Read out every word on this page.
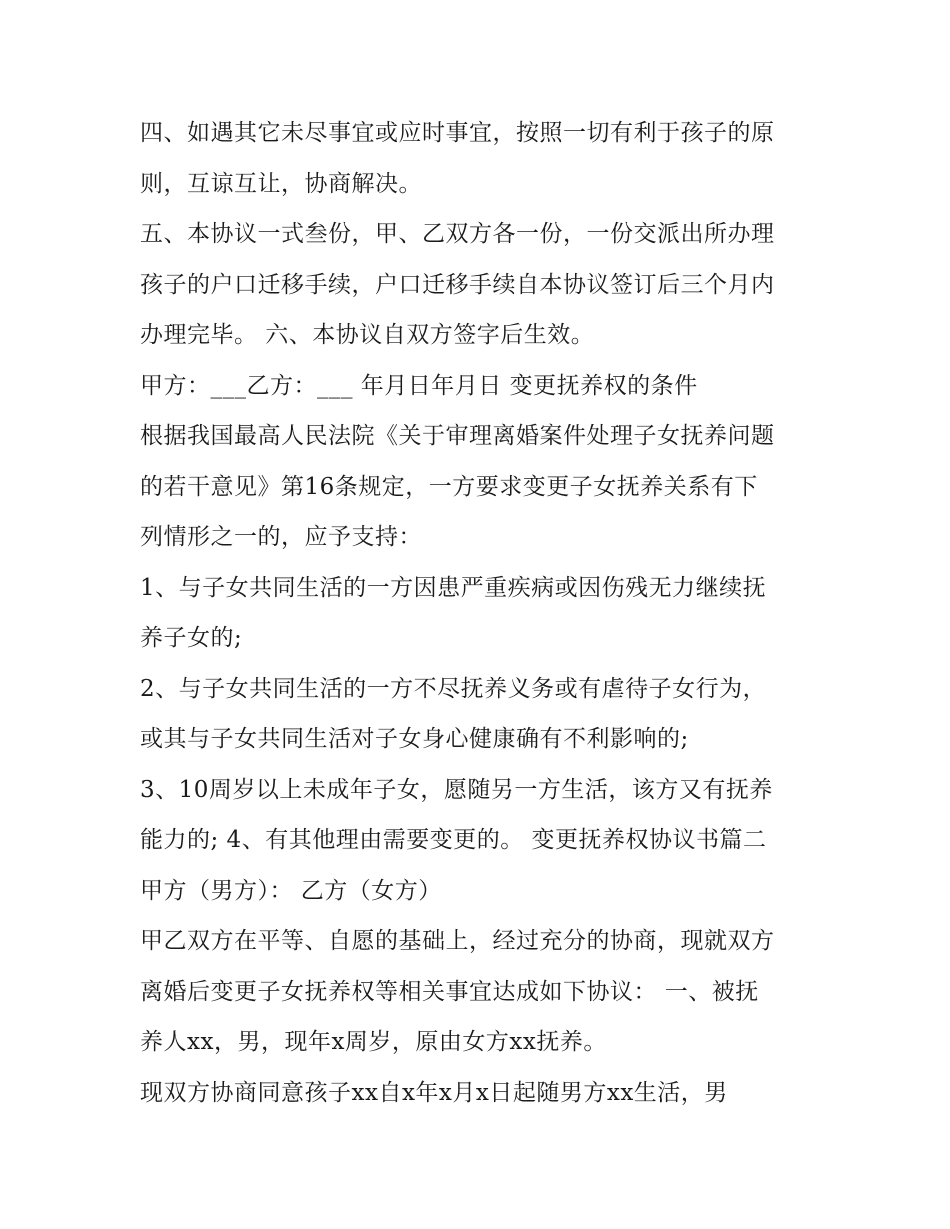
四、如遇其它未尽事宜或应时事宜，按照一切有利于孩子的原
则，互谅互让，协商解决。
五、本协议一式叁份，甲、乙双方各一份，一份交派出所办理
孩子的户口迁移手续，户口迁移手续自本协议签订后三个月内
办理完毕。 六、本协议自双方签字后生效。
甲方：___乙方：___ 年月日年月日 变更抚养权的条件
根据我国最高人民法院《关于审理离婚案件处理子女抚养问题
的若干意见》第16条规定，一方要求变更子女抚养关系有下
列情形之一的，应予支持：
1、与子女共同生活的一方因患严重疾病或因伤残无力继续抚
养子女的;
2、与子女共同生活的一方不尽抚养义务或有虐待子女行为，
或其与子女共同生活对子女身心健康确有不利影响的;
3、10周岁以上未成年子女，愿随另一方生活，该方又有抚养
能力的; 4、有其他理由需要变更的。 变更抚养权协议书篇二
甲方（男方）： 乙方（女方）
甲乙双方在平等、自愿的基础上，经过充分的协商，现就双方
离婚后变更子女抚养权等相关事宜达成如下协议： 一、被抚
养人xx，男，现年x周岁，原由女方xx抚养。
现双方协商同意孩子xx自x年x月x日起随男方xx生活，男
